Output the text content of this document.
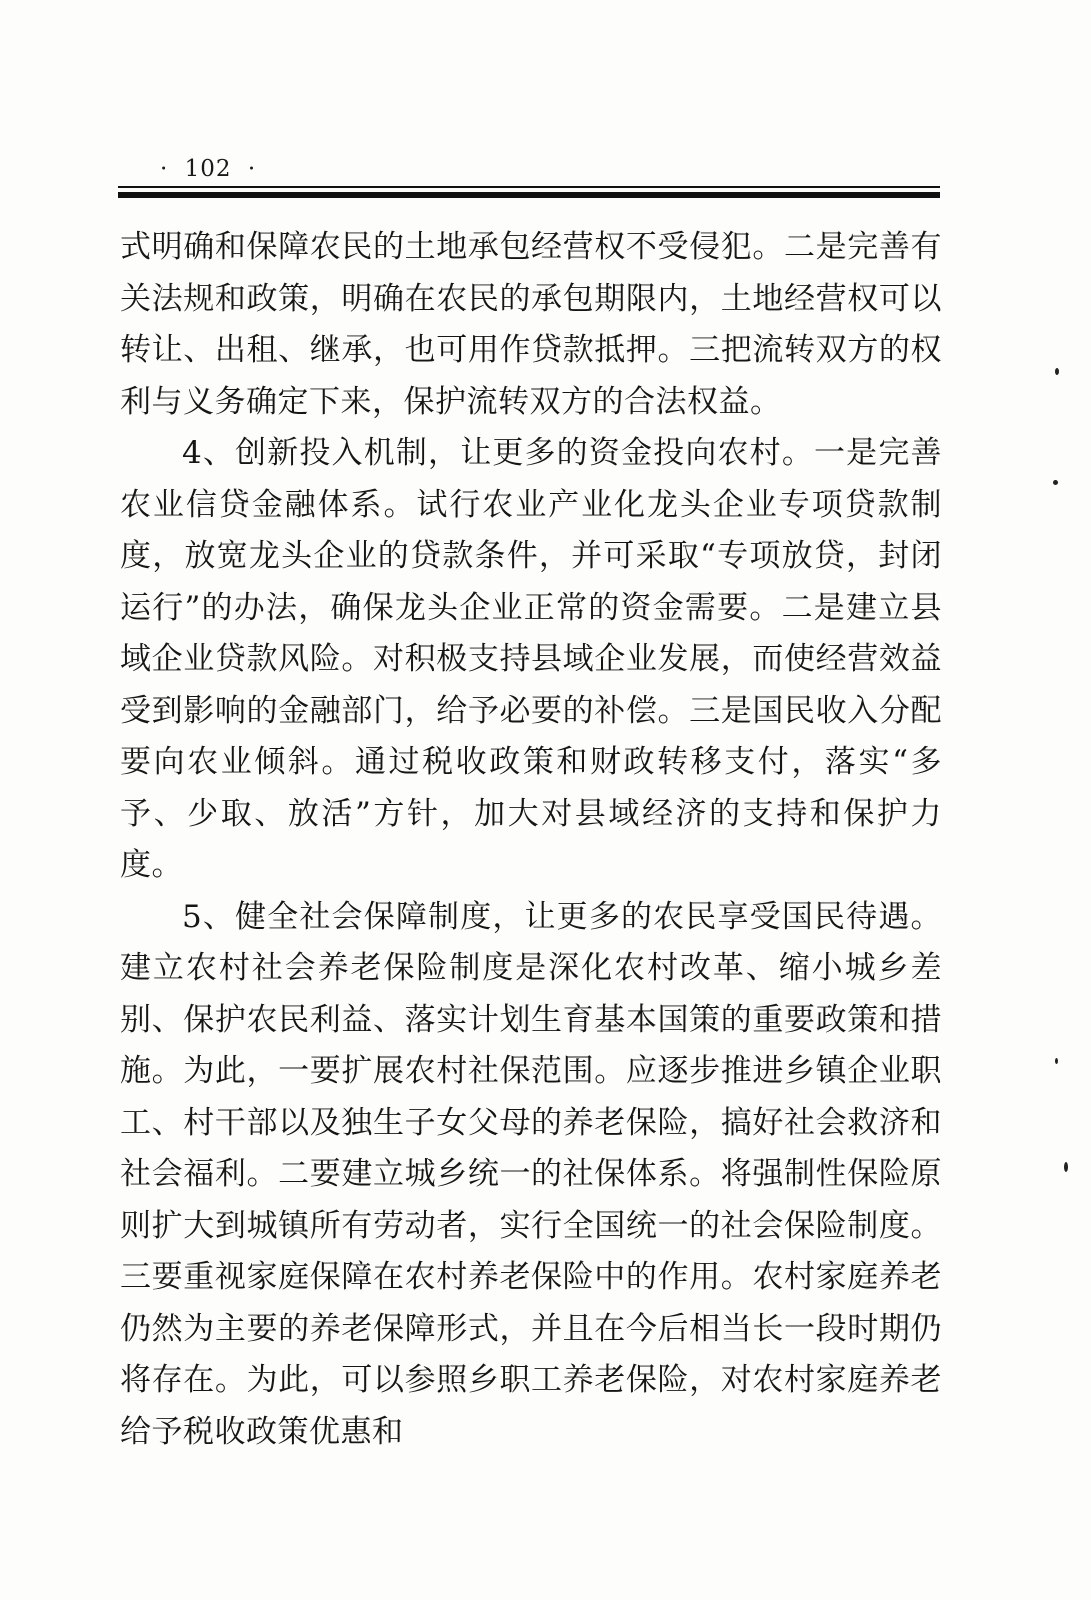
· 102 ·

式明确和保障农民的土地承包经营权不受侵犯。二是完善有关法规和政策，明确在农民的承包期限内，土地经营权可以转让、出租、继承，也可用作贷款抵押。三把流转双方的权利与义务确定下来，保护流转双方的合法权益。

4、创新投入机制，让更多的资金投向农村。一是完善农业信贷金融体系。试行农业产业化龙头企业专项贷款制度，放宽龙头企业的贷款条件，并可采取“专项放贷，封闭运行”的办法，确保龙头企业正常的资金需要。二是建立县域企业贷款风险。对积极支持县域企业发展，而使经营效益受到影响的金融部门，给予必要的补偿。三是国民收入分配要向农业倾斜。通过税收政策和财政转移支付，落实“多予、少取、放活”方针，加大对县域经济的支持和保护力度。

5、健全社会保障制度，让更多的农民享受国民待遇。建立农村社会养老保险制度是深化农村改革、缩小城乡差别、保护农民利益、落实计划生育基本国策的重要政策和措施。为此，一要扩展农村社保范围。应逐步推进乡镇企业职工、村干部以及独生子女父母的养老保险，搞好社会救济和社会福利。二要建立城乡统一的社保体系。将强制性保险原则扩大到城镇所有劳动者，实行全国统一的社会保险制度。三要重视家庭保障在农村养老保险中的作用。农村家庭养老仍然为主要的养老保障形式，并且在今后相当长一段时期仍将存在。为此，可以参照乡职工养老保险，对农村家庭养老给予税收政策优惠和
